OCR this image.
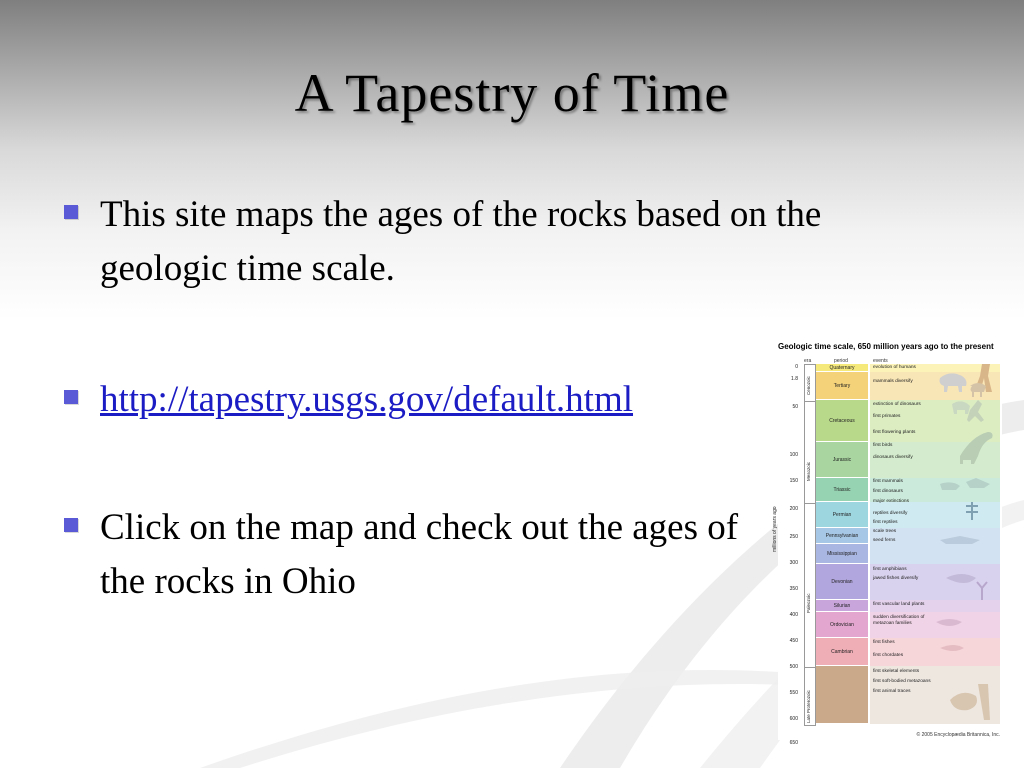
A Tapestry of Time
This site maps the ages of the rocks based on the geologic time scale.
http://tapestry.usgs.gov/default.html
Click on the map and check out the ages of the rocks in Ohio
Geologic time scale, 650 million years ago to the present
era	period	events
millions of years ago
0
1.8
50
100
150
200
250
300
350
400
450
500
550
600
650
Cenozoic
Mesozoic
Paleozoic
Late Proterozoic
Quaternary
Tertiary
Cretaceous
Jurassic
Triassic
Permian
Pennsylvanian
Mississippian
Devonian
Silurian
Ordovician
Cambrian
evolution of humans
mammals diversify
extinction of dinosaurs
first primates
first flowering plants
first birds
dinosaurs diversify
first mammals
first dinosaurs
major extinctions
reptiles diversify
first reptiles
scale trees
seed ferns
first amphibians
jawed fishes diversify
first vascular land plants
sudden diversification of metazoan families
first fishes
first chordates
first skeletal elements
first soft-bodied metazoans
first animal traces
© 2005 Encyclopædia Britannica, Inc.
